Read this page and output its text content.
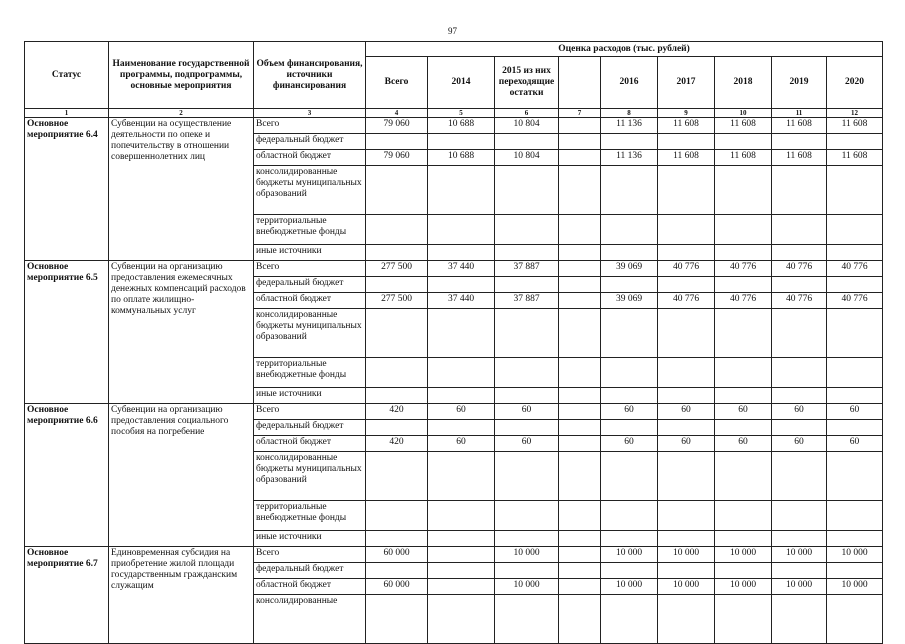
97
Статус	Наименование государственной программы, подпрограммы, основные мероприятия	Объем финансирования, источники финансирования	Оценка расходов (тыс. рублей)								
			Всего	2014	2015 из них переходящие остатки		2016	2017	2018	2019	2020
1	2	3	4	5	6	7	8	9	10	11	12
Основное мероприятие 6.4	Субвенции на осуществление деятельности по опеке и попечительству в отношении совершеннолетних лиц	Всего	79 060	10 688	10 804		11 136	11 608	11 608	11 608	11 608
		федеральный бюджет									
		областной бюджет	79 060	10 688	10 804		11 136	11 608	11 608	11 608	11 608
		консолидированные бюджеты муниципальных образований									
		территориальные внебюджетные фонды									
		иные источники									
Основное мероприятие 6.5	Субвенции на организацию предоставления ежемесячных денежных компенсаций расходов по оплате жилищно-коммунальных услуг	Всего	277 500	37 440	37 887		39 069	40 776	40 776	40 776	40 776
		федеральный бюджет									
		областной бюджет	277 500	37 440	37 887		39 069	40 776	40 776	40 776	40 776
		консолидированные бюджеты муниципальных образований									
		территориальные внебюджетные фонды									
		иные источники									
Основное мероприятие 6.6	Субвенции на организацию предоставления социального пособия на погребение	Всего	420	60	60		60	60	60	60	60
		федеральный бюджет									
		областной бюджет	420	60	60		60	60	60	60	60
		консолидированные бюджеты муниципальных образований									
		территориальные внебюджетные фонды									
		иные источники									
Основное мероприятие 6.7	Единовременная субсидия на приобретение жилой площади государственным гражданским служащим	Всего	60 000		10 000		10 000	10 000	10 000	10 000	10 000
		федеральный бюджет									
		областной бюджет	60 000		10 000		10 000	10 000	10 000	10 000	10 000
		консолидированные									
